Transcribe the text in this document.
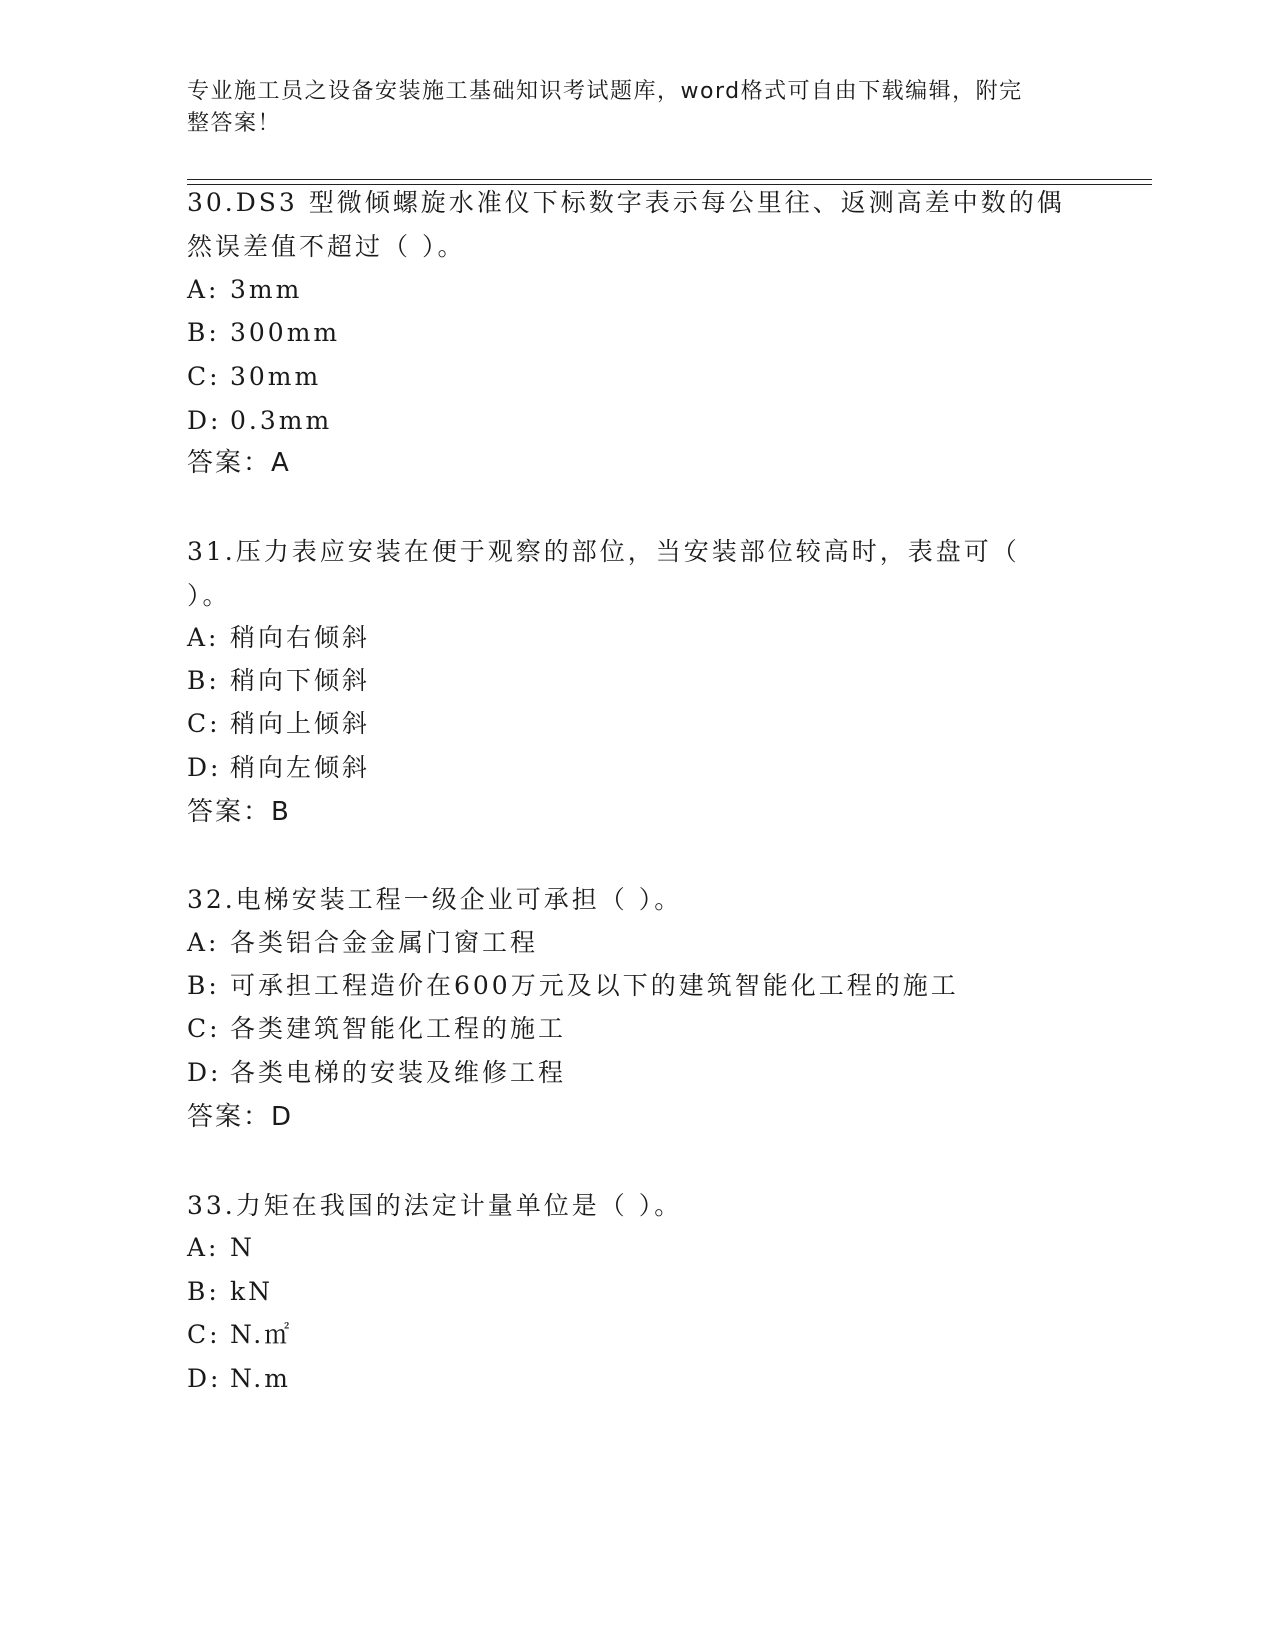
专业施工员之设备安装施工基础知识考试题库，word格式可自由下载编辑，附完
整答案！
30.DS3 型微倾螺旋水准仪下标数字表示每公里往、返测高差中数的偶
然误差值不超过（ ）。
A: 3mm
B: 300mm
C: 30mm
D: 0.3mm
答案：A
31.压力表应安装在便于观察的部位，当安装部位较高时，表盘可（
）。
A: 稍向右倾斜
B: 稍向下倾斜
C: 稍向上倾斜
D: 稍向左倾斜
答案：B
32.电梯安装工程一级企业可承担（ ）。
A: 各类铝合金金属门窗工程
B: 可承担工程造价在600万元及以下的建筑智能化工程的施工
C: 各类建筑智能化工程的施工
D: 各类电梯的安装及维修工程
答案：D
33.力矩在我国的法定计量单位是（ ）。
A: N
B: kN
C: N.㎡
D: N.m
